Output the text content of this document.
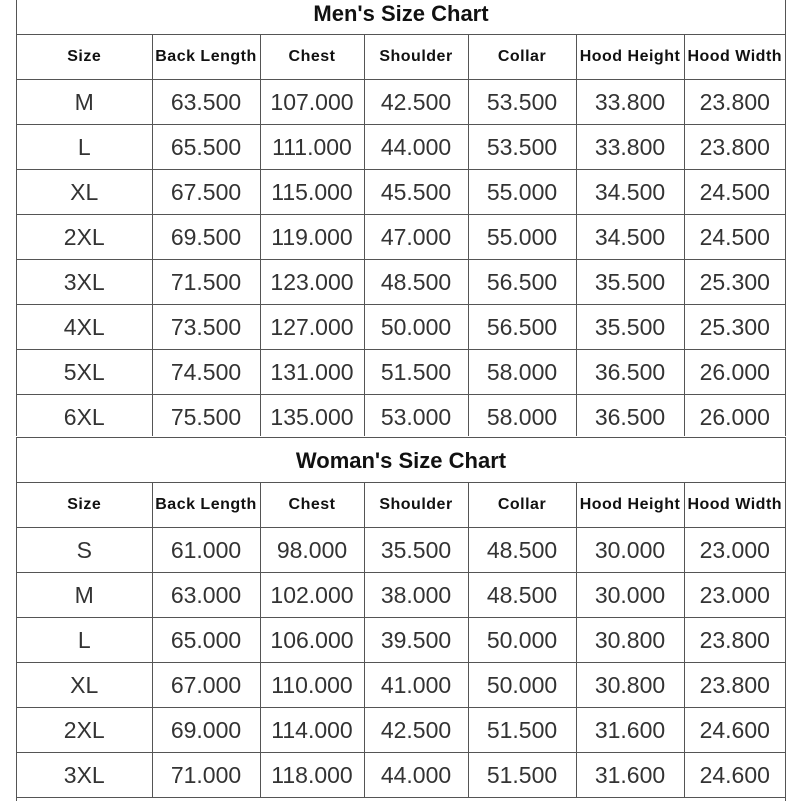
Men's Size Chart
Size	Back Length	Chest	Shoulder	Collar	Hood Height	Hood Width
M	63.500	107.000	42.500	53.500	33.800	23.800
L	65.500	111.000	44.000	53.500	33.800	23.800
XL	67.500	115.000	45.500	55.000	34.500	24.500
2XL	69.500	119.000	47.000	55.000	34.500	24.500
3XL	71.500	123.000	48.500	56.500	35.500	25.300
4XL	73.500	127.000	50.000	56.500	35.500	25.300
5XL	74.500	131.000	51.500	58.000	36.500	26.000
6XL	75.500	135.000	53.000	58.000	36.500	26.000
Woman's Size Chart
Size	Back Length	Chest	Shoulder	Collar	Hood Height	Hood Width
S	61.000	98.000	35.500	48.500	30.000	23.000
M	63.000	102.000	38.000	48.500	30.000	23.000
L	65.000	106.000	39.500	50.000	30.800	23.800
XL	67.000	110.000	41.000	50.000	30.800	23.800
2XL	69.000	114.000	42.500	51.500	31.600	24.600
3XL	71.000	118.000	44.000	51.500	31.600	24.600
